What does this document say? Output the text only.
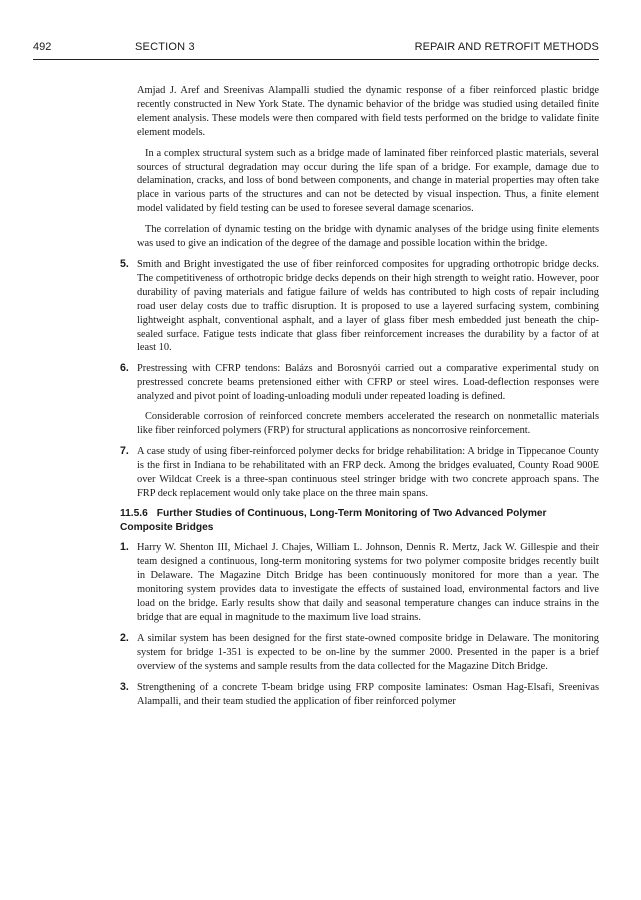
492	SECTION 3	REPAIR AND RETROFIT METHODS

Amjad J. Aref and Sreenivas Alampalli studied the dynamic response of a fiber reinforced plastic bridge recently constructed in New York State. The dynamic behavior of the bridge was studied using detailed finite element analysis. These models were then compared with field tests performed on the bridge to validate finite element models.

In a complex structural system such as a bridge made of laminated fiber reinforced plastic materials, several sources of structural degradation may occur during the life span of a bridge. For example, damage due to delamination, cracks, and loss of bond between components, and change in material properties may often take place in various parts of the structures and can not be detected by visual inspection. Thus, a finite element model validated by field testing can be used to foresee several damage scenarios.

The correlation of dynamic testing on the bridge with dynamic analyses of the bridge using finite elements was used to give an indication of the degree of the damage and possible location within the bridge.

5. Smith and Bright investigated the use of fiber reinforced composites for upgrading orthotropic bridge decks. The competitiveness of orthotropic bridge decks depends on their high strength to weight ratio. However, poor durability of paving materials and fatigue failure of welds has contributed to high costs of repair including road user delay costs due to traffic disruption. It is proposed to use a layered surfacing system, combining lightweight asphalt, conventional asphalt, and a layer of glass fiber mesh embedded just beneath the chip-sealed surface. Fatigue tests indicate that glass fiber reinforcement increases the durability by a factor of at least 10.

6. Prestressing with CFRP tendons: Balázs and Borosnyói carried out a comparative experimental study on prestressed concrete beams pretensioned either with CFRP or steel wires. Load-deflection responses were analyzed and pivot point of loading-unloading moduli under repeated loading is defined.

Considerable corrosion of reinforced concrete members accelerated the research on nonmetallic materials like fiber reinforced polymers (FRP) for structural applications as noncorrosive reinforcement.

7. A case study of using fiber-reinforced polymer decks for bridge rehabilitation: A bridge in Tippecanoe County is the first in Indiana to be rehabilitated with an FRP deck. Among the bridges evaluated, County Road 900E over Wildcat Creek is a three-span continuous steel stringer bridge with two concrete approach spans. The FRP deck replacement would only take place on the three main spans.

11.5.6 Further Studies of Continuous, Long-Term Monitoring of Two Advanced Polymer Composite Bridges
1. Harry W. Shenton III, Michael J. Chajes, William L. Johnson, Dennis R. Mertz, Jack W. Gillespie and their team designed a continuous, long-term monitoring systems for two polymer composite bridges recently built in Delaware. The Magazine Ditch Bridge has been continuously monitored for more than a year. The monitoring system provides data to investigate the effects of sustained load, environmental factors and live load on the bridge. Early results show that daily and seasonal temperature changes can induce strains in the bridge that are equal in magnitude to the maximum live load strains.

2. A similar system has been designed for the first state-owned composite bridge in Delaware. The monitoring system for bridge 1-351 is expected to be on-line by the summer 2000. Presented in the paper is a brief overview of the systems and sample results from the data collected for the Magazine Ditch Bridge.

3. Strengthening of a concrete T-beam bridge using FRP composite laminates: Osman Hag-Elsafi, Sreenivas Alampalli, and their team studied the application of fiber reinforced polymer
